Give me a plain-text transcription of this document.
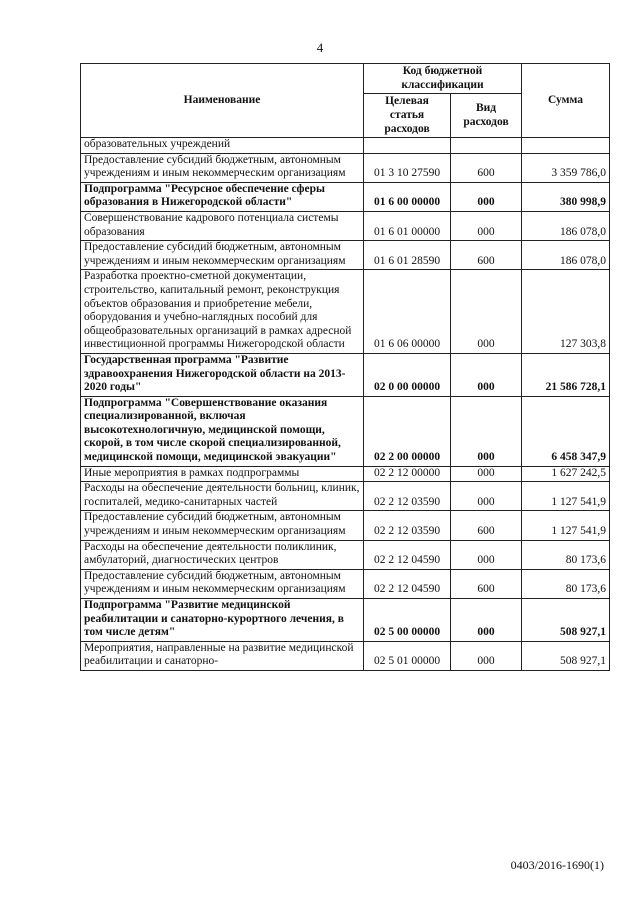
4
Наименование	Код бюджетной классификации		Сумма
	Целевая статья расходов	Вид расходов	
образовательных учреждений			
Предоставление субсидий бюджетным, автономным учреждениям и иным некоммерческим организациям	01 3 10 27590	600	3 359 786,0
Подпрограмма "Ресурсное обеспечение сферы образования в Нижегородской области"	01 6 00 00000	000	380 998,9
Совершенствование кадрового потенциала системы образования	01 6 01 00000	000	186 078,0
Предоставление субсидий бюджетным, автономным учреждениям и иным некоммерческим организациям	01 6 01 28590	600	186 078,0
Разработка проектно-сметной документации, строительство, капитальный ремонт, реконструкция объектов образования и приобретение мебели, оборудования и учебно-наглядных пособий для общеобразовательных организаций в рамках адресной инвестиционной программы Нижегородской области	01 6 06 00000	000	127 303,8
Государственная программа "Развитие здравоохранения Нижегородской области на 2013-2020 годы"	02 0 00 00000	000	21 586 728,1
Подпрограмма "Совершенствование оказания специализированной, включая высокотехнологичную, медицинской помощи, скорой, в том числе скорой специализированной, медицинской помощи, медицинской эвакуации"	02 2 00 00000	000	6 458 347,9
Иные мероприятия в рамках подпрограммы	02 2 12 00000	000	1 627 242,5
Расходы на обеспечение деятельности больниц, клиник, госпиталей, медико-санитарных частей	02 2 12 03590	000	1 127 541,9
Предоставление субсидий бюджетным, автономным учреждениям и иным некоммерческим организациям	02 2 12 03590	600	1 127 541,9
Расходы на обеспечение деятельности поликлиник, амбулаторий, диагностических центров	02 2 12 04590	000	80 173,6
Предоставление субсидий бюджетным, автономным учреждениям и иным некоммерческим организациям	02 2 12 04590	600	80 173,6
Подпрограмма "Развитие медицинской реабилитации и санаторно-курортного лечения, в том числе детям"	02 5 00 00000	000	508 927,1
Мероприятия, направленные на развитие медицинской реабилитации и санаторно-	02 5 01 00000	000	508 927,1
0403/2016-1690(1)
